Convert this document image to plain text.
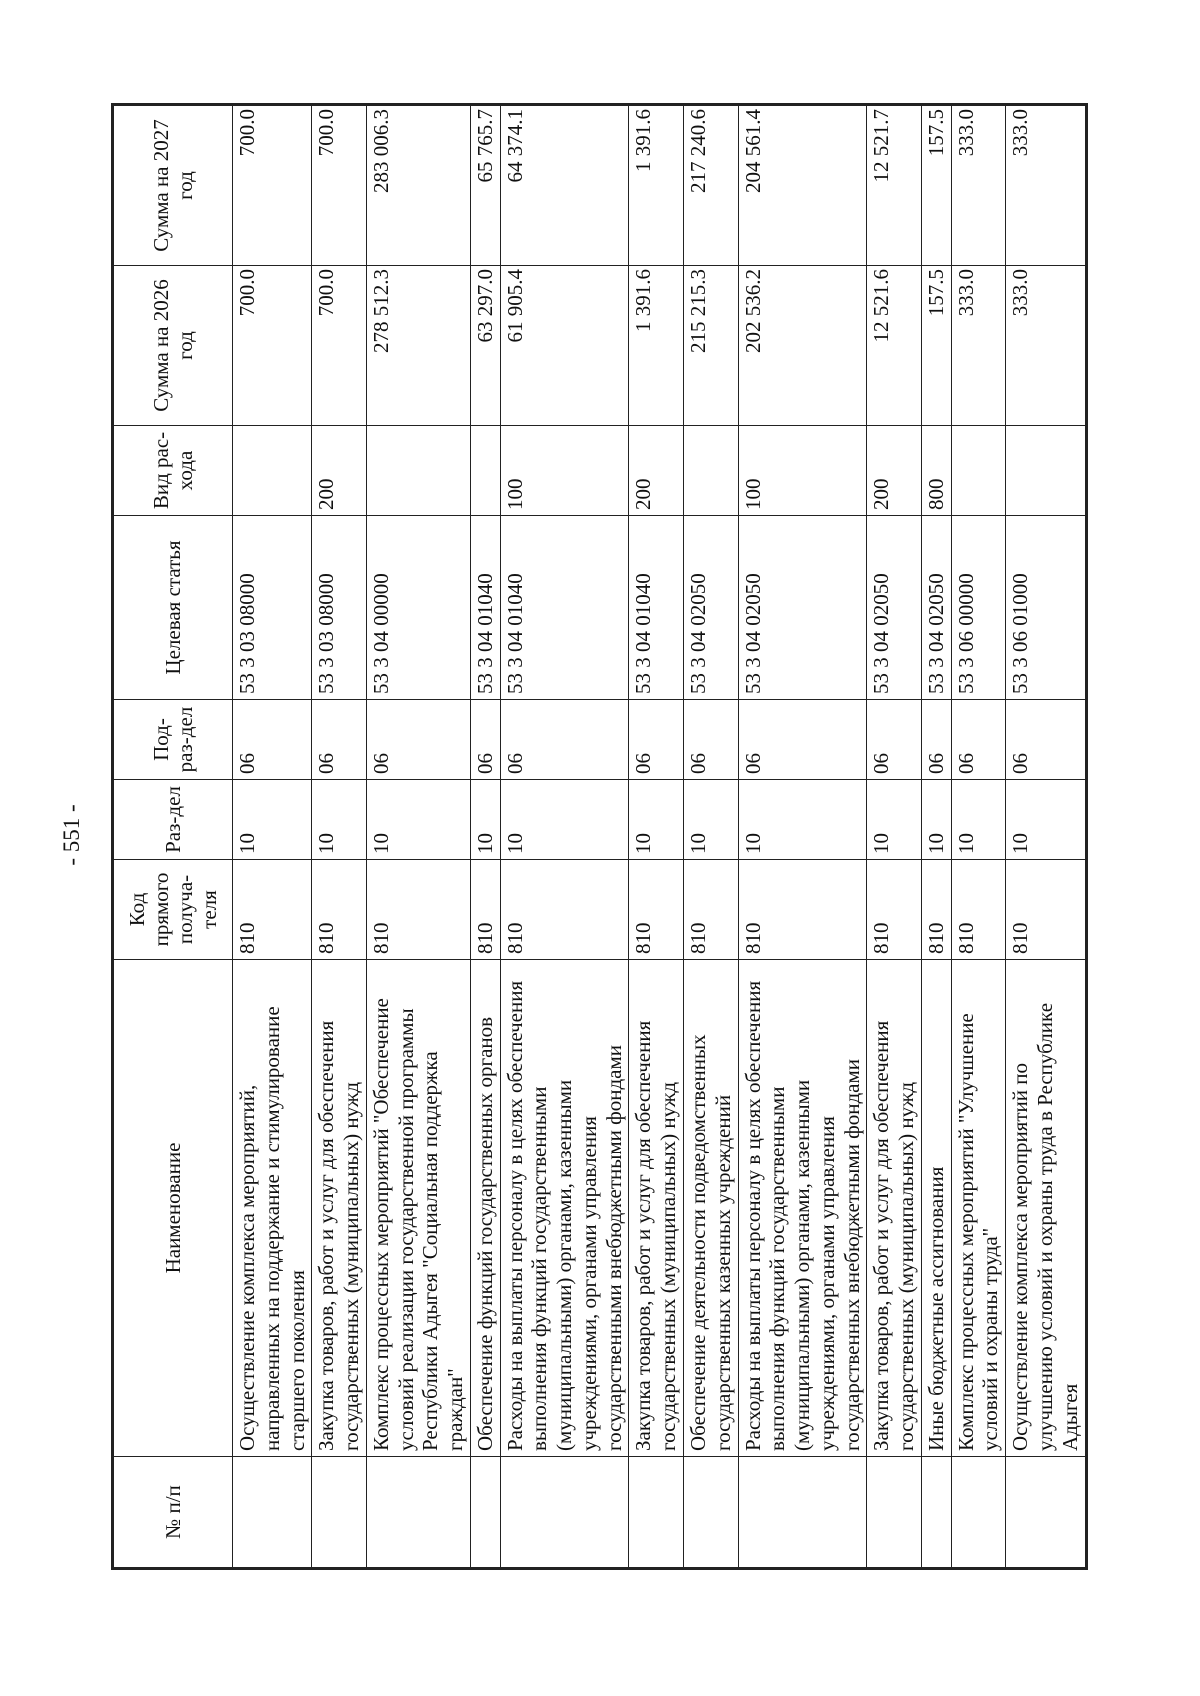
- 551 -
№ п/п	Наименование	Код прямого получа-теля	Раз-дел	Под-раз-дел	Целевая статья	Вид рас-хода	Сумма на 2026 год	Сумма на 2027 год
	Осуществление комплекса мероприятий, направленных на поддержание и стимулирование старшего поколения	810	10	06	53 3 03 08000		700.0	700.0
	Закупка товаров, работ и услуг для обеспечения государственных (муниципальных) нужд	810	10	06	53 3 03 08000	200	700.0	700.0
	Комплекс процессных мероприятий "Обеспечение условий реализации государственной программы Республики Адыгея "Социальная поддержка граждан"	810	10	06	53 3 04 00000		278 512.3	283 006.3
	Обеспечение функций государственных органов	810	10	06	53 3 04 01040		63 297.0	65 765.7
	Расходы на выплаты персоналу в целях обеспечения выполнения функций государственными (муниципальными) органами, казенными учреждениями, органами управления государственными внебюджетными фондами	810	10	06	53 3 04 01040	100	61 905.4	64 374.1
	Закупка товаров, работ и услуг для обеспечения государственных (муниципальных) нужд	810	10	06	53 3 04 01040	200	1 391.6	1 391.6
	Обеспечение деятельности подведомственных государственных казенных учреждений	810	10	06	53 3 04 02050		215 215.3	217 240.6
	Расходы на выплаты персоналу в целях обеспечения выполнения функций государственными (муниципальными) органами, казенными учреждениями, органами управления государственных внебюджетными фондами	810	10	06	53 3 04 02050	100	202 536.2	204 561.4
	Закупка товаров, работ и услуг для обеспечения государственных (муниципальных) нужд	810	10	06	53 3 04 02050	200	12 521.6	12 521.7
	Иные бюджетные ассигнования	810	10	06	53 3 04 02050	800	157.5	157.5
	Комплекс процессных мероприятий "Улучшение условий и охраны труда"	810	10	06	53 3 06 00000		333.0	333.0
	Осуществление комплекса мероприятий по улучшению условий и охраны труда в Республике Адыгея	810	10	06	53 3 06 01000		333.0	333.0
